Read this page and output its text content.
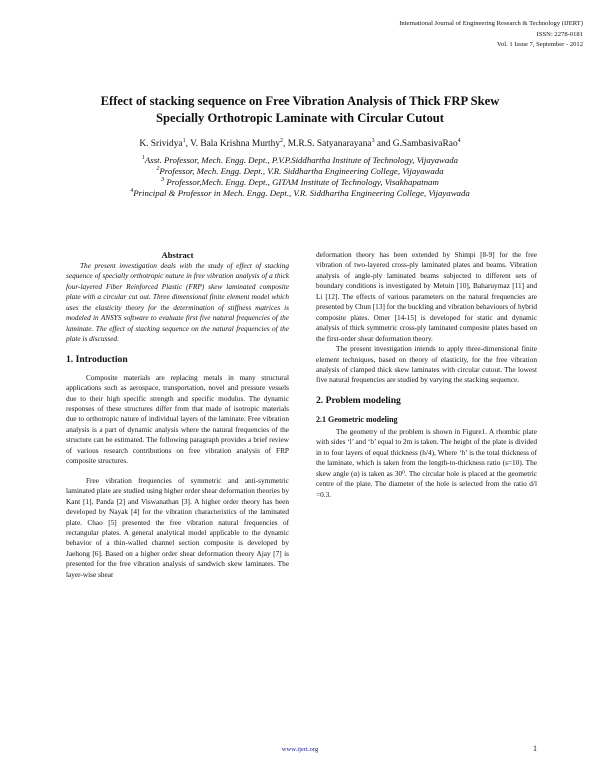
International Journal of Engineering Research & Technology (IJERT)
ISSN: 2278-0181
Vol. 1 Issue 7, September - 2012
Effect of stacking sequence on Free Vibration Analysis of Thick FRP Skew
Specially Orthotropic Laminate with Circular Cutout
K. Srividya$^1$, V. Bala Krishna Murthy$^2$, M.R.S. Satyanarayana$^3$ and G.SambasivaRao$^4$
$^1$Asst. Professor, Mech. Engg. Dept., P.V.P.Siddhartha Institute of Technology, Vijayawada
$^2$Professor, Mech. Engg. Dept., V.R. Siddhartha Engineering College, Vijayawada
$^3$ Professor,Mech. Engg. Dept., GITAM Institute of Technology, Visakhapatnam
$^4$Principal & Professor in Mech. Engg. Dept., V.R. Siddhartha Engineering College, Vijayawada

Abstract

The present investigation deals with the study of effect of stacking sequence of specially orthotropic nature in free vibration analysis of a thick four-layered Fiber Reinforced Plastic (FRP) skew laminated composite plate with a circular cut out. Three dimensional finite element model which uses the elasticity theory for the determination of stiffness matrices is modeled in ANSYS software to evaluate first five natural frequencies of the laminate. The effect of stacking sequence on the natural frequencies of the plate is discussed.

1. Introduction

Composite materials are replacing metals in many structural applications such as aerospace, transportation, novel and pressure vessels due to their high specific strength and specific modulus. The dynamic responses of these structures differ from that made of isotropic materials due to orthotropic nature of individual layers of the laminate. Free vibration analysis is a part of dynamic analysis where the natural frequencies of the structure can be estimated. The following paragraph provides a brief review of various research contributions on free vibration analysis of FRP composite structures.

Free vibration frequencies of symmetric and anti-symmetric laminated plate are studied using higher order shear deformation theories by Kant [1], Panda [2] and Viswanathan [3]. A higher order theory has been developed by Nayak [4] for the vibration characteristics of the laminated plate. Chao [5] presented the free vibration natural frequencies of rectangular plates. A general analytical model applicable to the dynamic behavior of a thin-walled channel section composite is developed by Jaehong [6]. Based on a higher order shear deformation theory Ajay [7] is presented for the free vibration analysis of sandwich skew laminates. The layer-wise shear

deformation theory has been extended by Shimpi [8-9] for the free vibration of two-layered cross-ply laminated plates and beams. Vibration analysis of angle-ply laminated beams subjected to different sets of boundary conditions is investigated by Metuin [10], Baharuymaz [11] and Li [12]. The effects of various parameters on the natural frequencies are presented by Chun [13] for the buckling and vibration behaviours of hybrid composite plates. Omer [14-15] is developed for static and dynamic analysis of thick symmetric cross-ply laminated composite plates based on the first-order shear deformation theory.

The present investigation intends to apply three-dimensional finite element techniques, based on theory of elasticity, for the free vibration analysis of clamped thick skew laminates with circular cutout. The lowest five natural frequencies are studied by varying the stacking sequence.

2. Problem modeling
2.1 Geometric modeling

The geometry of the problem is shown in Figure1. A rhombic plate with sides ‘l’ and ‘b’ equal to 2m is taken. The height of the plate is divided in to four layers of equal thickness (h/4), Where ‘h’ is the total thickness of the laminate, which is taken from the length-to-thickness ratio (s=10). The skew angle (α) is taken as 30⁰. The circular hole is placed at the geometric centre of the plate. The diameter of the hole is selected from the ratio d/l =0.3.

www.ijert.org	1
